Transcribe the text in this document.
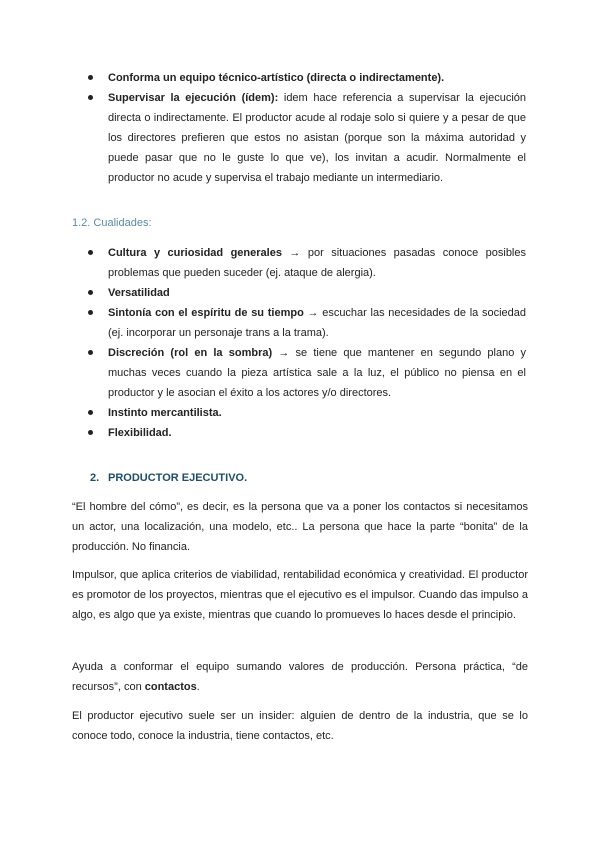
Conforma un equipo técnico-artístico (directa o indirectamente).
Supervisar la ejecución (ídem): idem hace referencia a supervisar la ejecución directa o indirectamente. El productor acude al rodaje solo si quiere y a pesar de que los directores prefieren que estos no asistan (porque son la máxima autoridad y puede pasar que no le guste lo que ve), los invitan a acudir. Normalmente el productor no acude y supervisa el trabajo mediante un intermediario.
1.2. Cualidades:
Cultura y curiosidad generales → por situaciones pasadas conoce posibles problemas que pueden suceder (ej. ataque de alergia).
Versatilidad
Sintonía con el espíritu de su tiempo → escuchar las necesidades de la sociedad (ej. incorporar un personaje trans a la trama).
Discreción (rol en la sombra) → se tiene que mantener en segundo plano y muchas veces cuando la pieza artística sale a la luz, el público no piensa en el productor y le asocian el éxito a los actores y/o directores.
Instinto mercantilista.
Flexibilidad.
2. PRODUCTOR EJECUTIVO.

“El hombre del cómo”, es decir, es la persona que va a poner los contactos si necesitamos un actor, una localización, una modelo, etc.. La persona que hace la parte “bonita” de la producción. No financia.

Impulsor, que aplica criterios de viabilidad, rentabilidad económica y creatividad. El productor es promotor de los proyectos, mientras que el ejecutivo es el impulsor. Cuando das impulso a algo, es algo que ya existe, mientras que cuando lo promueves lo haces desde el principio.

Ayuda a conformar el equipo sumando valores de producción. Persona práctica, “de recursos”, con contactos.

El productor ejecutivo suele ser un insider: alguien de dentro de la industria, que se lo conoce todo, conoce la industria, tiene contactos, etc.
